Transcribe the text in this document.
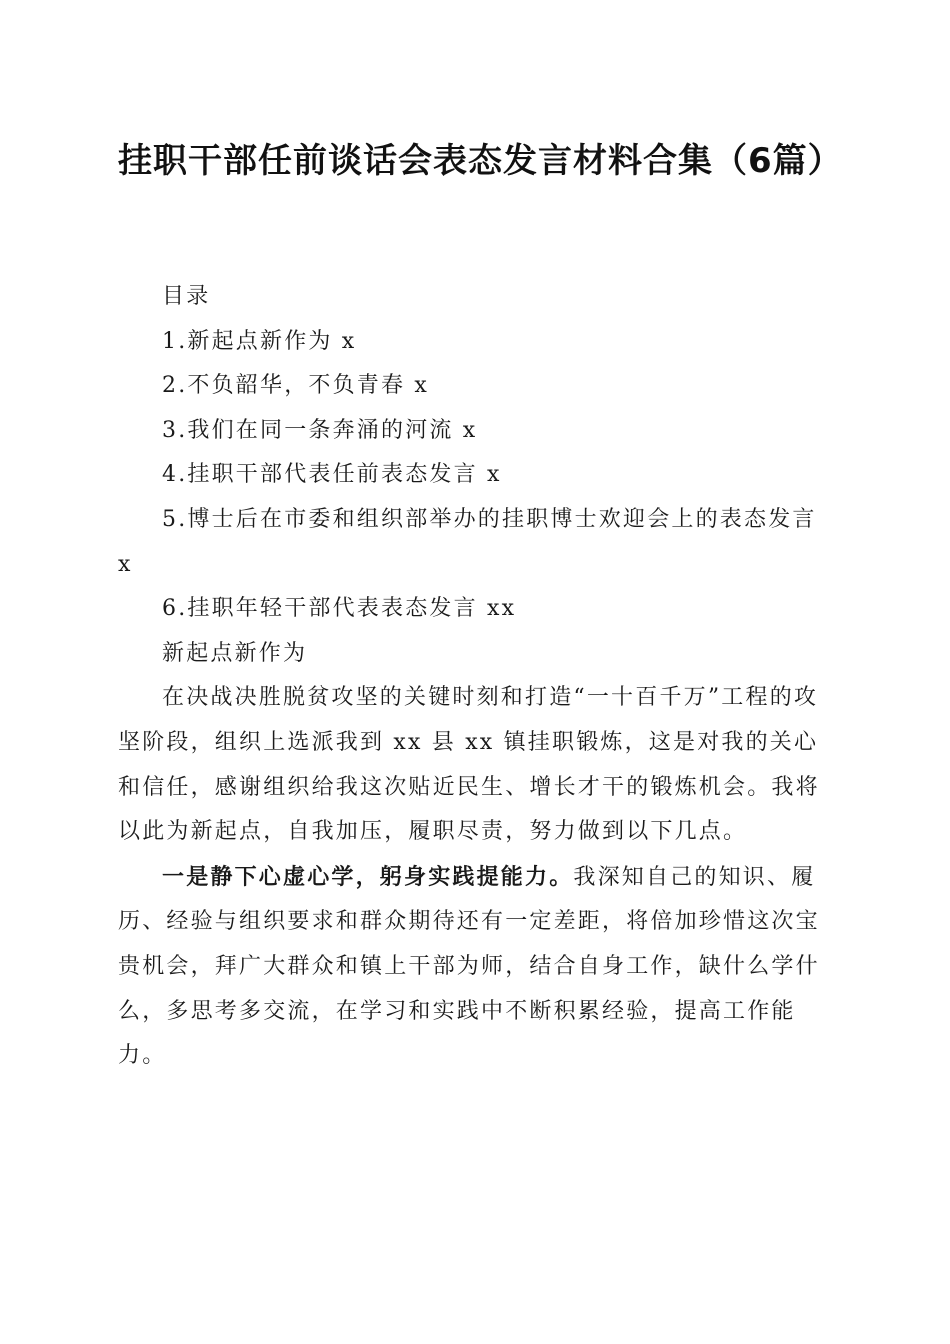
挂职干部任前谈话会表态发言材料合集（6篇）

目录

1.新起点新作为 x

2.不负韶华，不负青春 x

3.我们在同一条奔涌的河流 x

4.挂职干部代表任前表态发言 x

5.博士后在市委和组织部举办的挂职博士欢迎会上的表态发言 x

6.挂职年轻干部代表表态发言 xx

新起点新作为

在决战决胜脱贫攻坚的关键时刻和打造“一十百千万”工程的攻坚阶段，组织上选派我到 xx 县 xx 镇挂职锻炼，这是对我的关心和信任，感谢组织给我这次贴近民生、增长才干的锻炼机会。我将以此为新起点，自我加压，履职尽责，努力做到以下几点。

一是静下心虚心学，躬身实践提能力。我深知自己的知识、履历、经验与组织要求和群众期待还有一定差距，将倍加珍惜这次宝贵机会，拜广大群众和镇上干部为师，结合自身工作，缺什么学什么，多思考多交流，在学习和实践中不断积累经验，提高工作能力。
